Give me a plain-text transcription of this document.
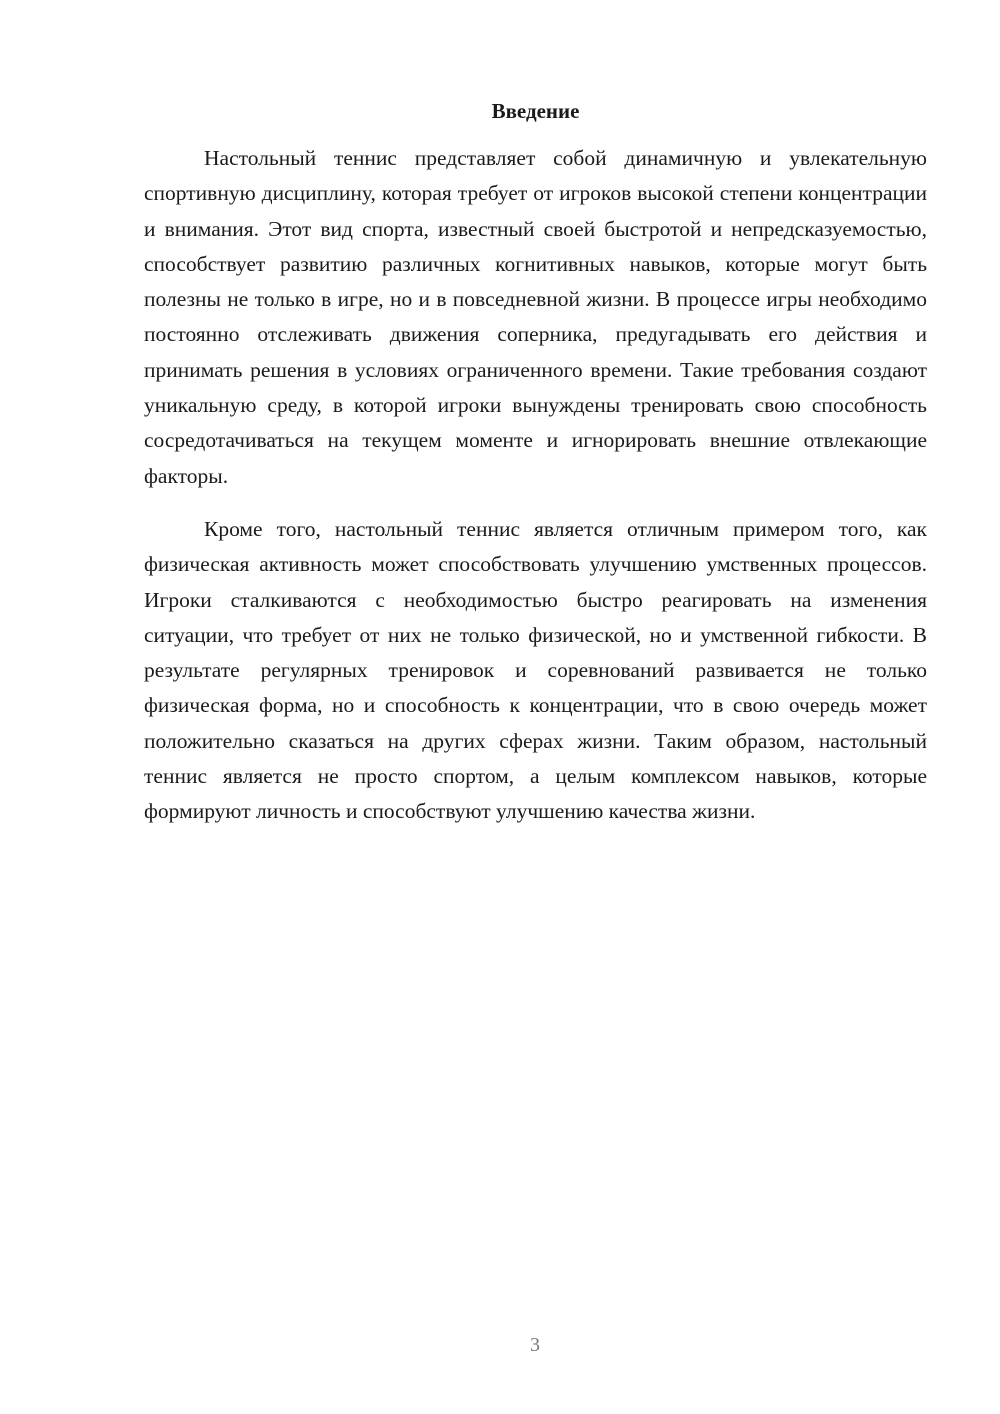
Введение

Настольный теннис представляет собой динамичную и увлекательную спортивную дисциплину, которая требует от игроков высокой степени концентрации и внимания. Этот вид спорта, известный своей быстротой и непредсказуемостью, способствует развитию различных когнитивных навыков, которые могут быть полезны не только в игре, но и в повседневной жизни. В процессе игры необходимо постоянно отслеживать движения соперника, предугадывать его действия и принимать решения в условиях ограниченного времени. Такие требования создают уникальную среду, в которой игроки вынуждены тренировать свою способность сосредотачиваться на текущем моменте и игнорировать внешние отвлекающие факторы.

Кроме того, настольный теннис является отличным примером того, как физическая активность может способствовать улучшению умственных процессов. Игроки сталкиваются с необходимостью быстро реагировать на изменения ситуации, что требует от них не только физической, но и умственной гибкости. В результате регулярных тренировок и соревнований развивается не только физическая форма, но и способность к концентрации, что в свою очередь может положительно сказаться на других сферах жизни. Таким образом, настольный теннис является не просто спортом, а целым комплексом навыков, которые формируют личность и способствуют улучшению качества жизни.

3
